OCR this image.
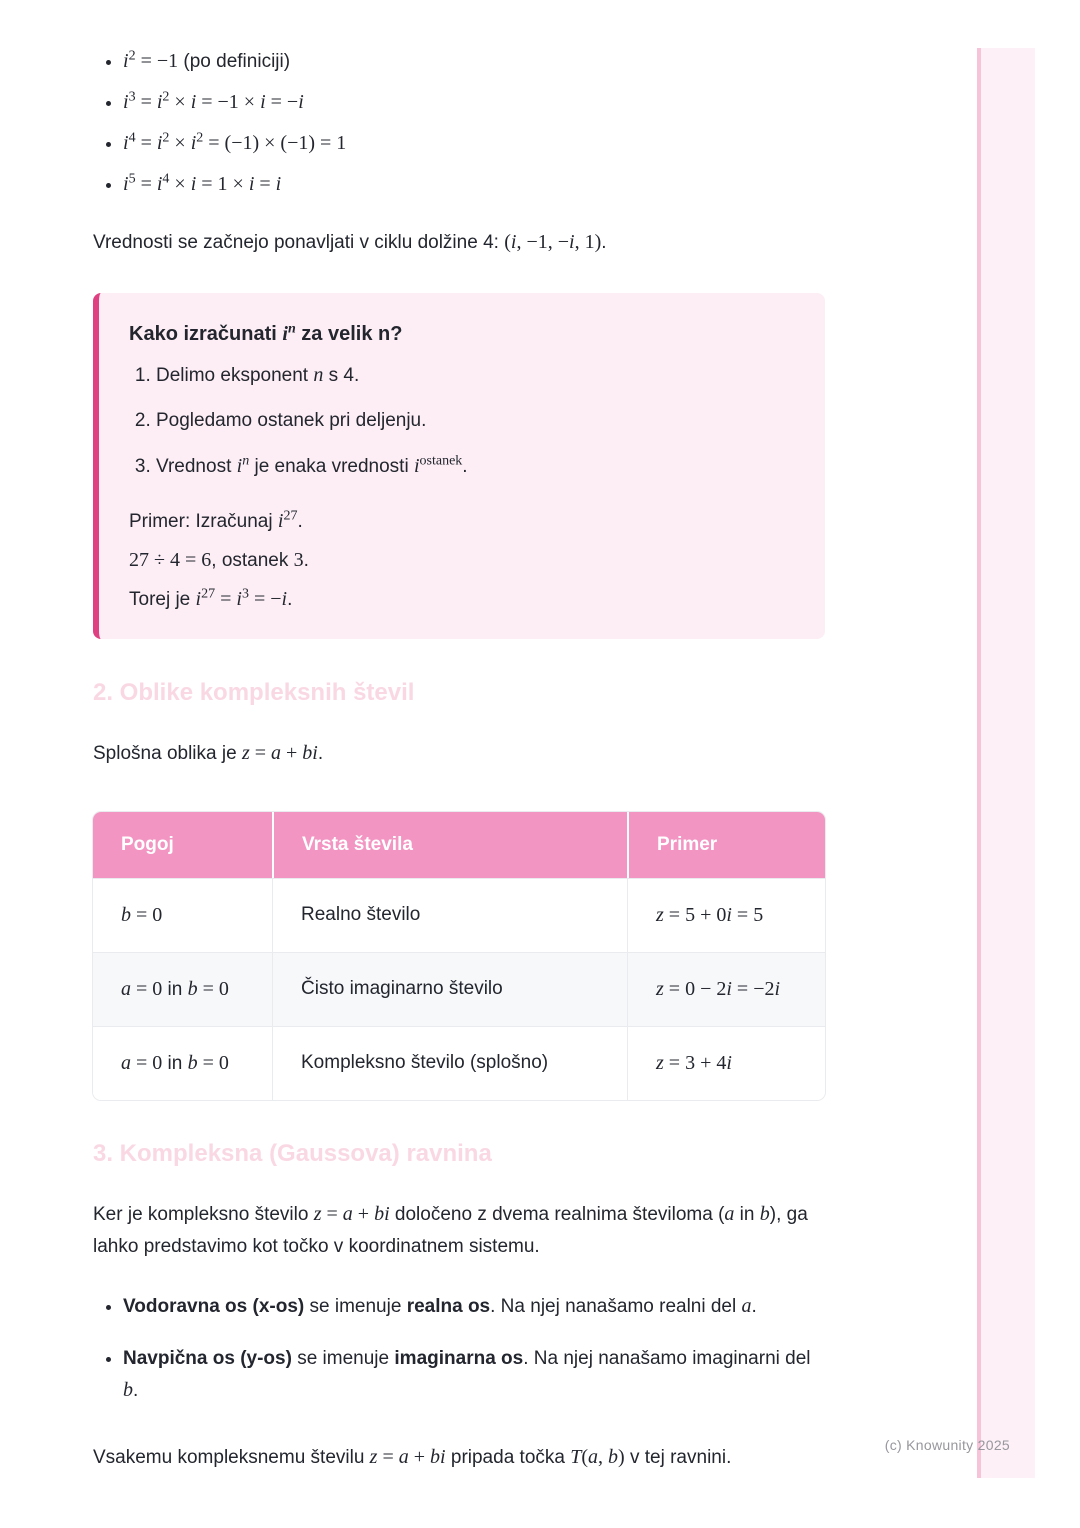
• $i^2 = -1$ (po definiciji)
• $i^3 = i^2 \times i = -1 \times i = -i$
• $i^4 = i^2 \times i^2 = (-1) \times (-1) = 1$
• $i^5 = i^4 \times i = 1 \times i = i$

Vrednosti se začnejo ponavljati v ciklu dolžine 4: (i, −1, −i, 1).

Kako izračunati $i^n$ za velik n?
1. Delimo eksponent n s 4.
2. Pogledamo ostanek pri deljenju.
3. Vrednost $i^n$ je enaka vrednosti $i^{ostanek}$.

Primer: Izračunaj $i^{27}$.

27 ÷ 4 = 6, ostanek 3.

Torej je $i^{27} = i^3 = -i$.

2. Oblike kompleksnih števil

Splošna oblika je z = a + bi.

Pogoj	Vrsta števila	Primer
b = 0	Realno število	z = 5 + 0i = 5
a = 0 in b = 0	Čisto imaginarno število	z = 0 − 2i = −2i
a = 0 in b = 0	Kompleksno število (splošno)	z = 3 + 4i
3. Kompleksna (Gaussova) ravnina

Ker je kompleksno število z = a + bi določeno z dvema realnima številoma (a in b), ga lahko predstavimo kot točko v koordinatnem sistemu.

• Vodoravna os (x-os) se imenuje realna os. Na njej nanašamo realni del a.
• Navpična os (y-os) se imenuje imaginarna os. Na njej nanašamo imaginarni del b.

Vsakemu kompleksnemu številu z = a + bi pripada točka T(a, b) v tej ravnini.

(c) Knowunity 2025
